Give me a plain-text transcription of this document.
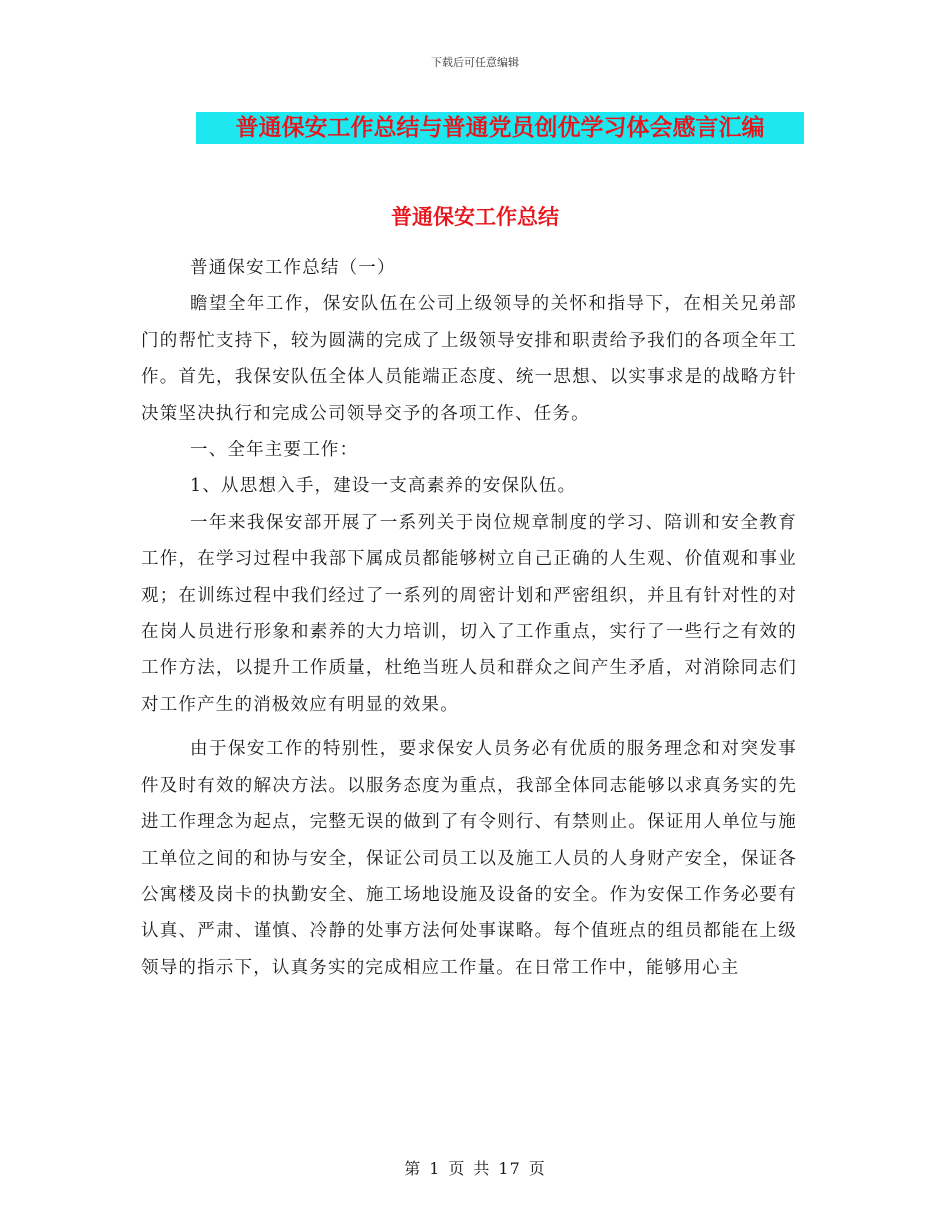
下载后可任意编辑
普通保安工作总结与普通党员创优学习体会感言汇编
普通保安工作总结

普通保安工作总结（一）

瞻望全年工作，保安队伍在公司上级领导的关怀和指导下，在相关兄弟部门的帮忙支持下，较为圆满的完成了上级领导安排和职责给予我们的各项全年工作。首先，我保安队伍全体人员能端正态度、统一思想、以实事求是的战略方针决策坚决执行和完成公司领导交予的各项工作、任务。

一、全年主要工作：

1、从思想入手，建设一支高素养的安保队伍。

一年来我保安部开展了一系列关于岗位规章制度的学习、陪训和安全教育工作，在学习过程中我部下属成员都能够树立自己正确的人生观、价值观和事业观；在训练过程中我们经过了一系列的周密计划和严密组织，并且有针对性的对在岗人员进行形象和素养的大力培训，切入了工作重点，实行了一些行之有效的工作方法，以提升工作质量，杜绝当班人员和群众之间产生矛盾，对消除同志们对工作产生的消极效应有明显的效果。

由于保安工作的特别性，要求保安人员务必有优质的服务理念和对突发事件及时有效的解决方法。以服务态度为重点，我部全体同志能够以求真务实的先进工作理念为起点，完整无误的做到了有令则行、有禁则止。保证用人单位与施工单位之间的和协与安全，保证公司员工以及施工人员的人身财产安全，保证各公寓楼及岗卡的执勤安全、施工场地设施及设备的安全。作为安保工作务必要有认真、严肃、谨慎、冷静的处事方法何处事谋略。每个值班点的组员都能在上级领导的指示下，认真务实的完成相应工作量。在日常工作中，能够用心主

第 1 页 共 17 页
